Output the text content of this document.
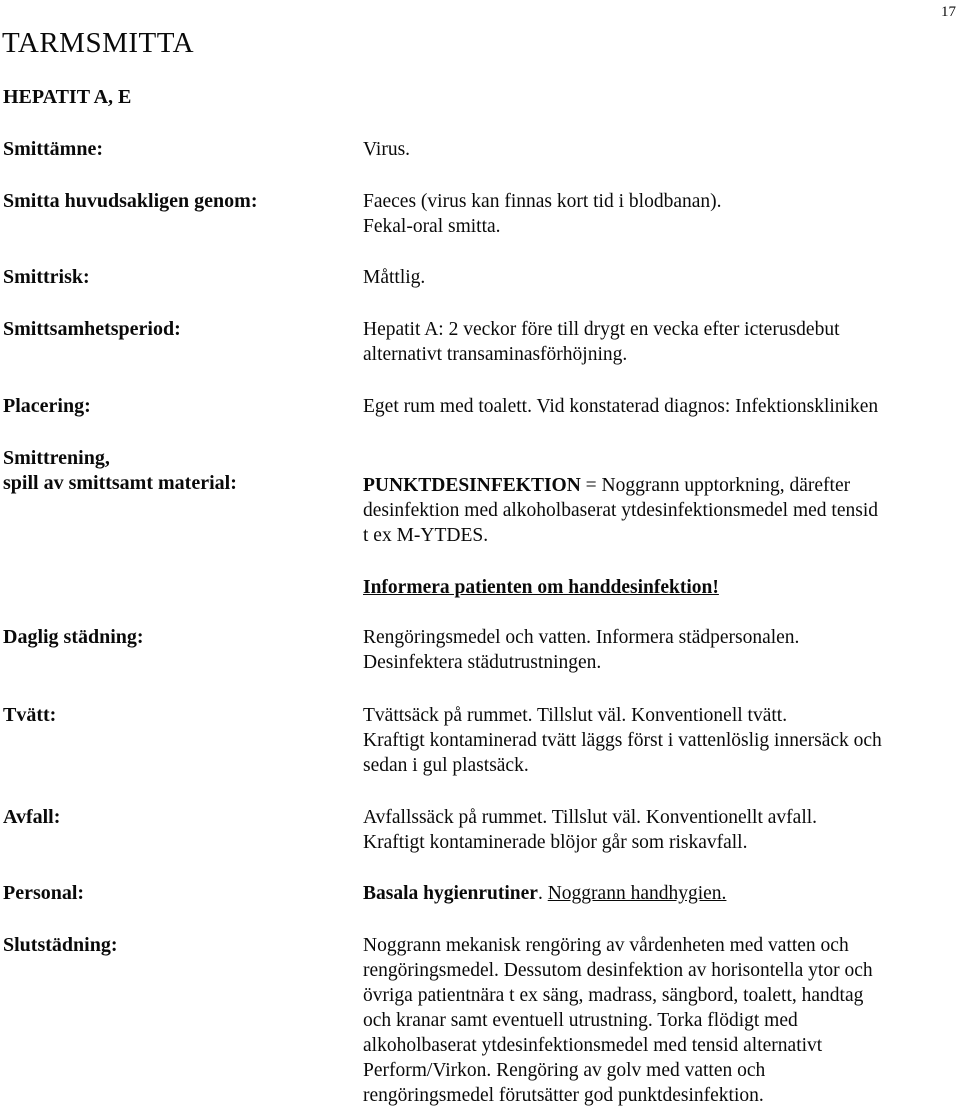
17
TARMSMITTA
HEPATIT A, E
Smittämne:	Virus.
Smitta huvudsakligen genom:	Faeces (virus kan finnas kort tid i blodbanan).
Fekal-oral smitta.
Smittrisk:	Måttlig.
Smittsamhetsperiod:	Hepatit A: 2 veckor före till drygt en vecka efter icterusdebut
alternativt transaminasförhöjning.
Placering:	Eget rum med toalett. Vid konstaterad diagnos: Infektionskliniken
Smittrening,
spill av smittsamt material:	PUNKTDESINFEKTION = Noggrann upptorkning, därefter
desinfektion med alkoholbaserat ytdesinfektionsmedel med tensid
t ex M-YTDES.
Informera patienten om handdesinfektion!
Daglig städning:	Rengöringsmedel och vatten. Informera städpersonalen.
Desinfektera städutrustningen.
Tvätt:	Tvättsäck på rummet. Tillslut väl. Konventionell tvätt.
Kraftigt kontaminerad tvätt läggs först i vattenlöslig innersäck och
sedan i gul plastsäck.
Avfall:	Avfallssäck på rummet. Tillslut väl. Konventionellt avfall.
Kraftigt kontaminerade blöjor går som riskavfall.
Personal:	Basala hygienrutiner. Noggrann handhygien.
Slutstädning:	Noggrann mekanisk rengöring av vårdenheten med vatten och
rengöringsmedel. Dessutom desinfektion av horisontella ytor och
övriga patientnära t ex säng, madrass, sängbord, toalett, handtag
och kranar samt eventuell utrustning. Torka flödigt med
alkoholbaserat ytdesinfektionsmedel med tensid alternativt
Perform/Virkon. Rengöring av golv med vatten och
rengöringsmedel förutsätter god punktdesinfektion.
